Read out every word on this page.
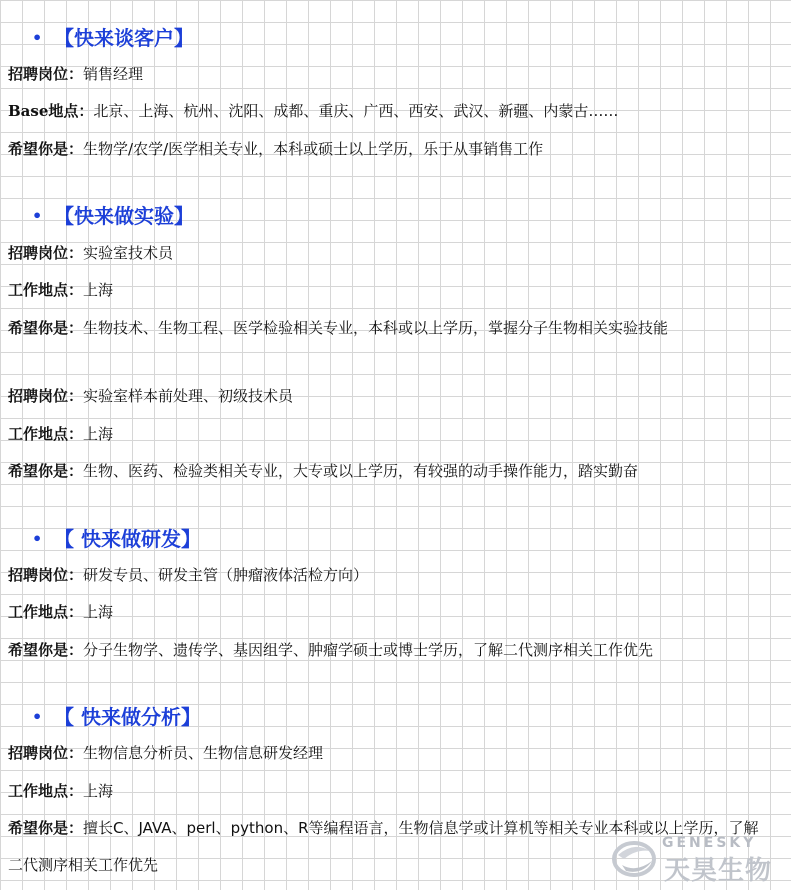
• 【快来谈客户】
招聘岗位：销售经理
Base地点：北京、上海、杭州、沈阳、成都、重庆、广西、西安、武汉、新疆、内蒙古……
希望你是：生物学/农学/医学相关专业，本科或硕士以上学历，乐于从事销售工作
• 【快来做实验】
招聘岗位：实验室技术员
工作地点：上海
希望你是：生物技术、生物工程、医学检验相关专业，本科或以上学历，掌握分子生物相关实验技能
招聘岗位：实验室样本前处理、初级技术员
工作地点：上海
希望你是：生物、医药、检验类相关专业，大专或以上学历，有较强的动手操作能力，踏实勤奋
• 【 快来做研发】
招聘岗位：研发专员、研发主管（肿瘤液体活检方向）
工作地点：上海
希望你是：分子生物学、遗传学、基因组学、肿瘤学硕士或博士学历，了解二代测序相关工作优先
• 【 快来做分析】
招聘岗位：生物信息分析员、生物信息研发经理
工作地点：上海
希望你是：擅长C、JAVA、perl、python、R等编程语言，生物信息学或计算机等相关专业本科或以上学历，了解二代测序相关工作优先
GENESKY
天昊生物
